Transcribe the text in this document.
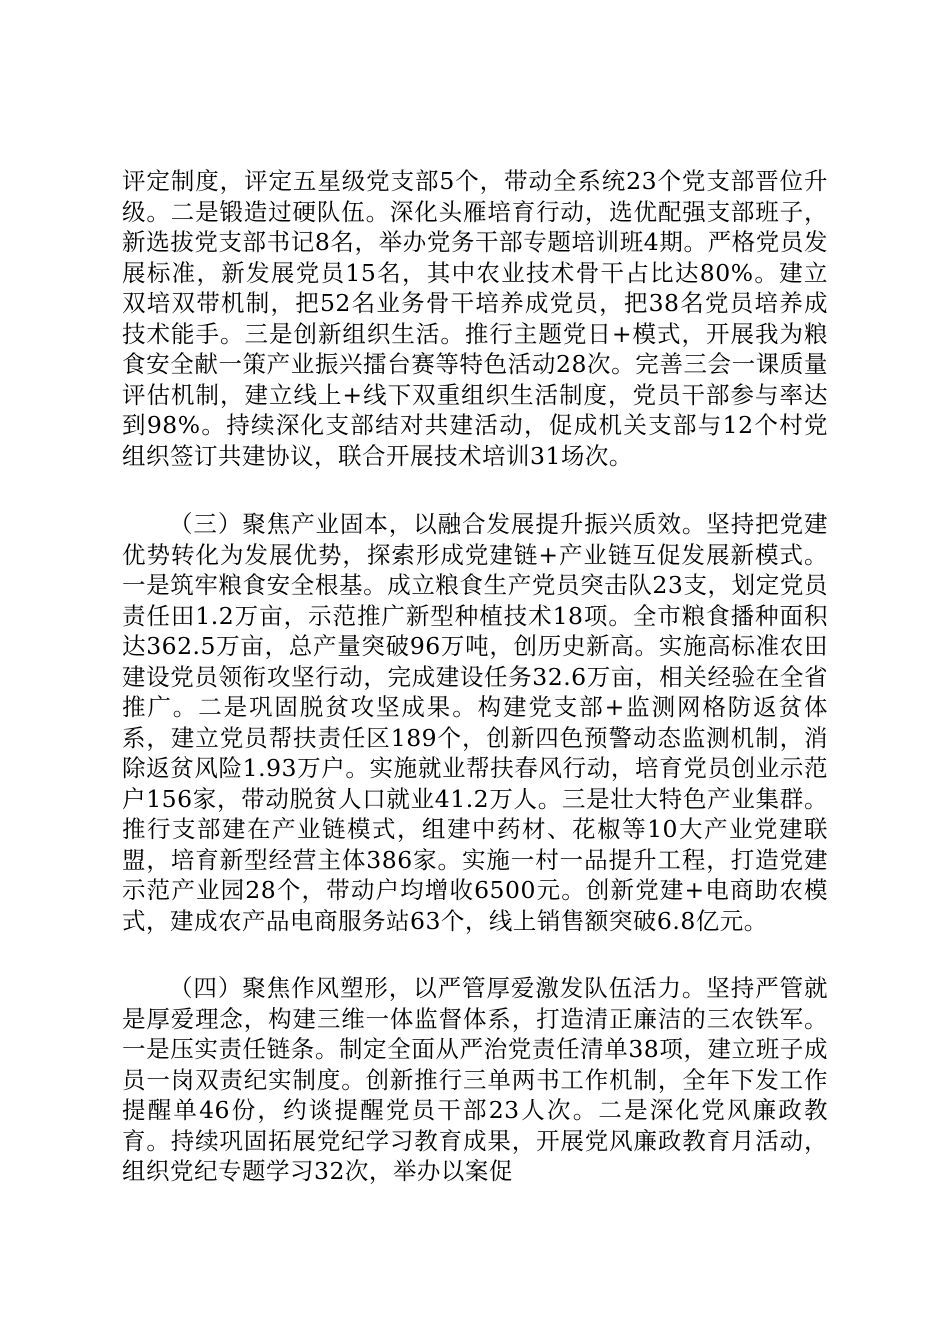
评定制度，评定五星级党支部5个，带动全系统23个党支部晋位升级。二是锻造过硬队伍。深化头雁培育行动，选优配强支部班子，新选拔党支部书记8名，举办党务干部专题培训班4期。严格党员发展标准，新发展党员15名，其中农业技术骨干占比达80%。建立双培双带机制，把52名业务骨干培养成党员，把38名党员培养成技术能手。三是创新组织生活。推行主题党日+模式，开展我为粮食安全献一策产业振兴擂台赛等特色活动28次。完善三会一课质量评估机制，建立线上+线下双重组织生活制度，党员干部参与率达到98%。持续深化支部结对共建活动，促成机关支部与12个村党组织签订共建协议，联合开展技术培训31场次。

（三）聚焦产业固本，以融合发展提升振兴质效。坚持把党建优势转化为发展优势，探索形成党建链+产业链互促发展新模式。一是筑牢粮食安全根基。成立粮食生产党员突击队23支，划定党员责任田1.2万亩，示范推广新型种植技术18项。全市粮食播种面积达362.5万亩，总产量突破96万吨，创历史新高。实施高标准农田建设党员领衔攻坚行动，完成建设任务32.6万亩，相关经验在全省推广。二是巩固脱贫攻坚成果。构建党支部+监测网格防返贫体系，建立党员帮扶责任区189个，创新四色预警动态监测机制，消除返贫风险1.93万户。实施就业帮扶春风行动，培育党员创业示范户156家，带动脱贫人口就业41.2万人。三是壮大特色产业集群。推行支部建在产业链模式，组建中药材、花椒等10大产业党建联盟，培育新型经营主体386家。实施一村一品提升工程，打造党建示范产业园28个，带动户均增收6500元。创新党建+电商助农模式，建成农产品电商服务站63个，线上销售额突破6.8亿元。

（四）聚焦作风塑形，以严管厚爱激发队伍活力。坚持严管就是厚爱理念，构建三维一体监督体系，打造清正廉洁的三农铁军。一是压实责任链条。制定全面从严治党责任清单38项，建立班子成员一岗双责纪实制度。创新推行三单两书工作机制，全年下发工作提醒单46份，约谈提醒党员干部23人次。二是深化党风廉政教育。持续巩固拓展党纪学习教育成果，开展党风廉政教育月活动，组织党纪专题学习32次，举办以案促
